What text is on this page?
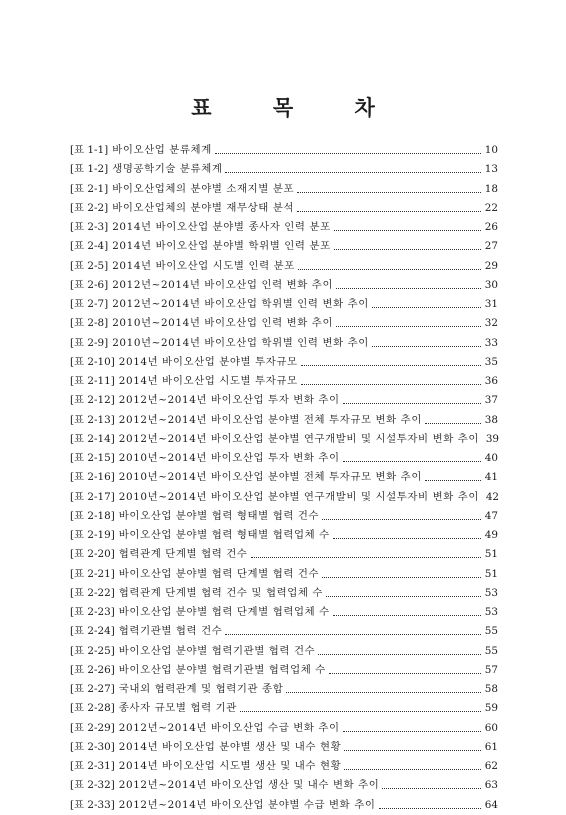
표 목 차
[표 1-1] 바이오산업 분류체계	10
[표 1-2] 생명공학기술 분류체계	13
[표 2-1] 바이오산업체의 분야별 소재지별 분포	18
[표 2-2] 바이오산업체의 분야별 재무상태 분석	22
[표 2-3] 2014년 바이오산업 분야별 종사자 인력 분포	26
[표 2-4] 2014년 바이오산업 분야별 학위별 인력 분포	27
[표 2-5] 2014년 바이오산업 시도별 인력 분포	29
[표 2-6] 2012년~2014년 바이오산업 인력 변화 추이	30
[표 2-7] 2012년~2014년 바이오산업 학위별 인력 변화 추이	31
[표 2-8] 2010년~2014년 바이오산업 인력 변화 추이	32
[표 2-9] 2010년~2014년 바이오산업 학위별 인력 변화 추이	33
[표 2-10] 2014년 바이오산업 분야별 투자규모	35
[표 2-11] 2014년 바이오산업 시도별 투자규모	36
[표 2-12] 2012년~2014년 바이오산업 투자 변화 추이	37
[표 2-13] 2012년~2014년 바이오산업 분야별 전체 투자규모 변화 추이	38
[표 2-14] 2012년~2014년 바이오산업 분야별 연구개발비 및 시설투자비 변화 추이 39
[표 2-15] 2010년~2014년 바이오산업 투자 변화 추이	40
[표 2-16] 2010년~2014년 바이오산업 분야별 전체 투자규모 변화 추이	41
[표 2-17] 2010년~2014년 바이오산업 분야별 연구개발비 및 시설투자비 변화 추이 42
[표 2-18] 바이오산업 분야별 협력 형태별 협력 건수	47
[표 2-19] 바이오산업 분야별 협력 형태별 협력업체 수	49
[표 2-20] 협력관계 단계별 협력 건수	51
[표 2-21] 바이오산업 분야별 협력 단계별 협력 건수	51
[표 2-22] 협력관계 단계별 협력 건수 및 협력업체 수	53
[표 2-23] 바이오산업 분야별 협력 단계별 협력업체 수	53
[표 2-24] 협력기관별 협력 건수	55
[표 2-25] 바이오산업 분야별 협력기관별 협력 건수	55
[표 2-26] 바이오산업 분야별 협력기관별 협력업체 수	57
[표 2-27] 국내외 협력관계 및 협력기관 종합	58
[표 2-28] 종사자 규모별 협력 기관	59
[표 2-29] 2012년~2014년 바이오산업 수급 변화 추이	60
[표 2-30] 2014년 바이오산업 분야별 생산 및 내수 현황	61
[표 2-31] 2014년 바이오산업 시도별 생산 및 내수 현황	62
[표 2-32] 2012년~2014년 바이오산업 생산 및 내수 변화 추이	63
[표 2-33] 2012년~2014년 바이오산업 분야별 수급 변화 추이	64
